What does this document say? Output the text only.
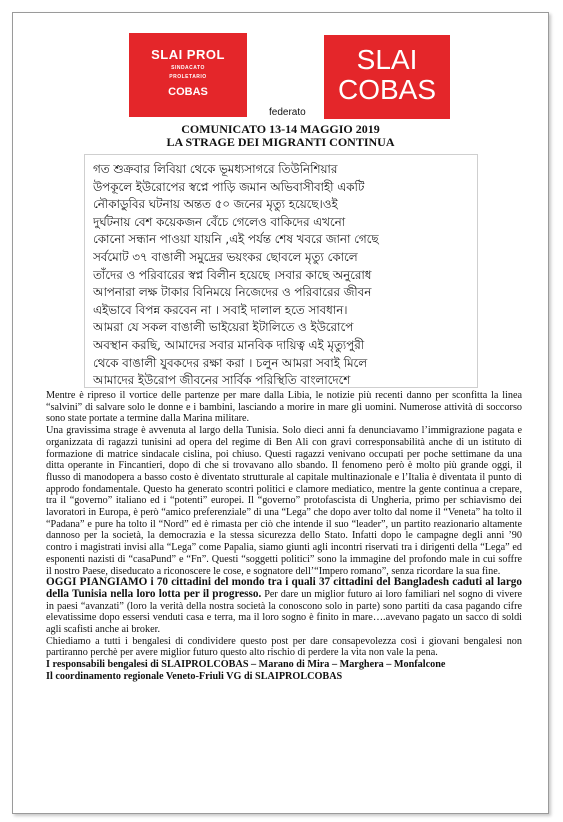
SLAI PROL
SINDACATO
PROLETARIO
COBAS
SLAI
COBAS
federato
COMUNICATO 13-14 MAGGIO 2019
LA STRAGE DEI MIGRANTI CONTINUA

গত শুক্রবার লিবিয়া থেকে ভূমধ্যসাগরে তিউনিশিয়ার

উপকূলে ইউরোপের স্বপ্নে পাড়ি জমান অভিবাসীবাহী একটি

নৌকাডুবির ঘটনায় অন্তত ৫০ জনের মৃত্যু হয়েছে।ওই

দুর্ঘটনায় বেশ কয়েকজন বেঁচে গেলেও বাকিদের এখনো

কোনো সন্ধান পাওয়া যায়নি ,এই পর্যন্ত শেষ খবরে জানা গেছে

সর্বমোট ৩৭ বাঙালী সমুদ্রের ভয়ংকর ছোবলে মৃত্যু কোলে

তাঁদের ও পরিবারের স্বপ্ন বিলীন হয়েছে ।সবার কাছে অনুরোধ

আপনারা লক্ষ টাকার বিনিময়ে নিজেদের ও পরিবারের জীবন

এইভাবে বিপন্ন করবেন না । সবাই দালাল হতে সাবধান।

আমরা যে সকল বাঙালী ভাইয়েরা ইটালিতে ও ইউরোপে

অবস্থান করছি, আমাদের সবার মানবিক দায়িত্ব এই মৃত্যুপুরী

থেকে বাঙালী যুবকদের রক্ষা করা । চলুন আমরা সবাই মিলে

আমাদের ইউরোপ জীবনের সার্বিক পরিস্থিতি বাংলাদেশে

Mentre è ripreso il vortice delle partenze per mare dalla Libia, le notizie più recenti danno per sconfitta la linea “salvini” di salvare solo le donne e i bambini, lasciando a morire in mare gli uomini. Numerose attività di soccorso sono state portate a termine dalla Marina militare.

Una gravissima strage è avvenuta al largo della Tunisia. Solo dieci anni fa denunciavamo l’immigrazione pagata e organizzata di ragazzi tunisini ad opera del regime di Ben Ali con gravi corresponsabilità anche di un istituto di formazione di matrice sindacale cislina, poi chiuso. Questi ragazzi venivano occupati per poche settimane da una ditta operante in Fincantieri, dopo di che si trovavano allo sbando. Il fenomeno però è molto più grande oggi, il flusso di manodopera a basso costo è diventato strutturale al capitale multinazionale e l’Italia è diventata il punto di approdo fondamentale. Questo ha generato scontri politici e clamore mediatico, mentre la gente continua a crepare, tra il “governo” italiano ed i “potenti” europei. Il “governo” protofascista di Ungheria, primo per schiavismo dei lavoratori in Europa, è però “amico preferenziale” di una “Lega” che dopo aver tolto dal nome il “Veneta” ha tolto il “Padana” e pure ha tolto il “Nord” ed è rimasta per ciò che intende il suo “leader”, un partito reazionario altamente dannoso per la società, la democrazia e la stessa sicurezza dello Stato. Infatti dopo le campagne degli anni ’90 contro i magistrati invisi alla “Lega” come Papalia, siamo giunti agli incontri riservati tra i dirigenti della “Lega” ed esponenti nazisti di “casaPund” e “Fn”. Questi “soggetti politici” sono la immagine del profondo male in cui soffre il nostro Paese, diseducato a riconoscere le cose, e sognatore dell’“Impero romano”, senza ricordare la sua fine.

OGGI PIANGIAMO i 70 cittadini del mondo tra i quali 37 cittadini del Bangladesh caduti al largo della Tunisia nella loro lotta per il progresso. Per dare un miglior futuro ai loro familiari nel sogno di vivere in paesi “avanzati” (loro la verità della nostra società la conoscono solo in parte) sono partiti da casa pagando cifre elevatissime dopo essersi venduti casa e terra, ma il loro sogno è finito in mare….avevano pagato un sacco di soldi agli scafisti anche ai broker.

Chiediamo a tutti i bengalesi di condividere questo post per dare consapevolezza così i giovani bengalesi non partiranno perchè per avere miglior futuro questo alto rischio di perdere la vita non vale la pena.

I responsabili bengalesi di SLAIPROLCOBAS – Marano di Mira – Marghera – Monfalcone

Il coordinamento regionale Veneto-Friuli VG di SLAIPROLCOBAS
